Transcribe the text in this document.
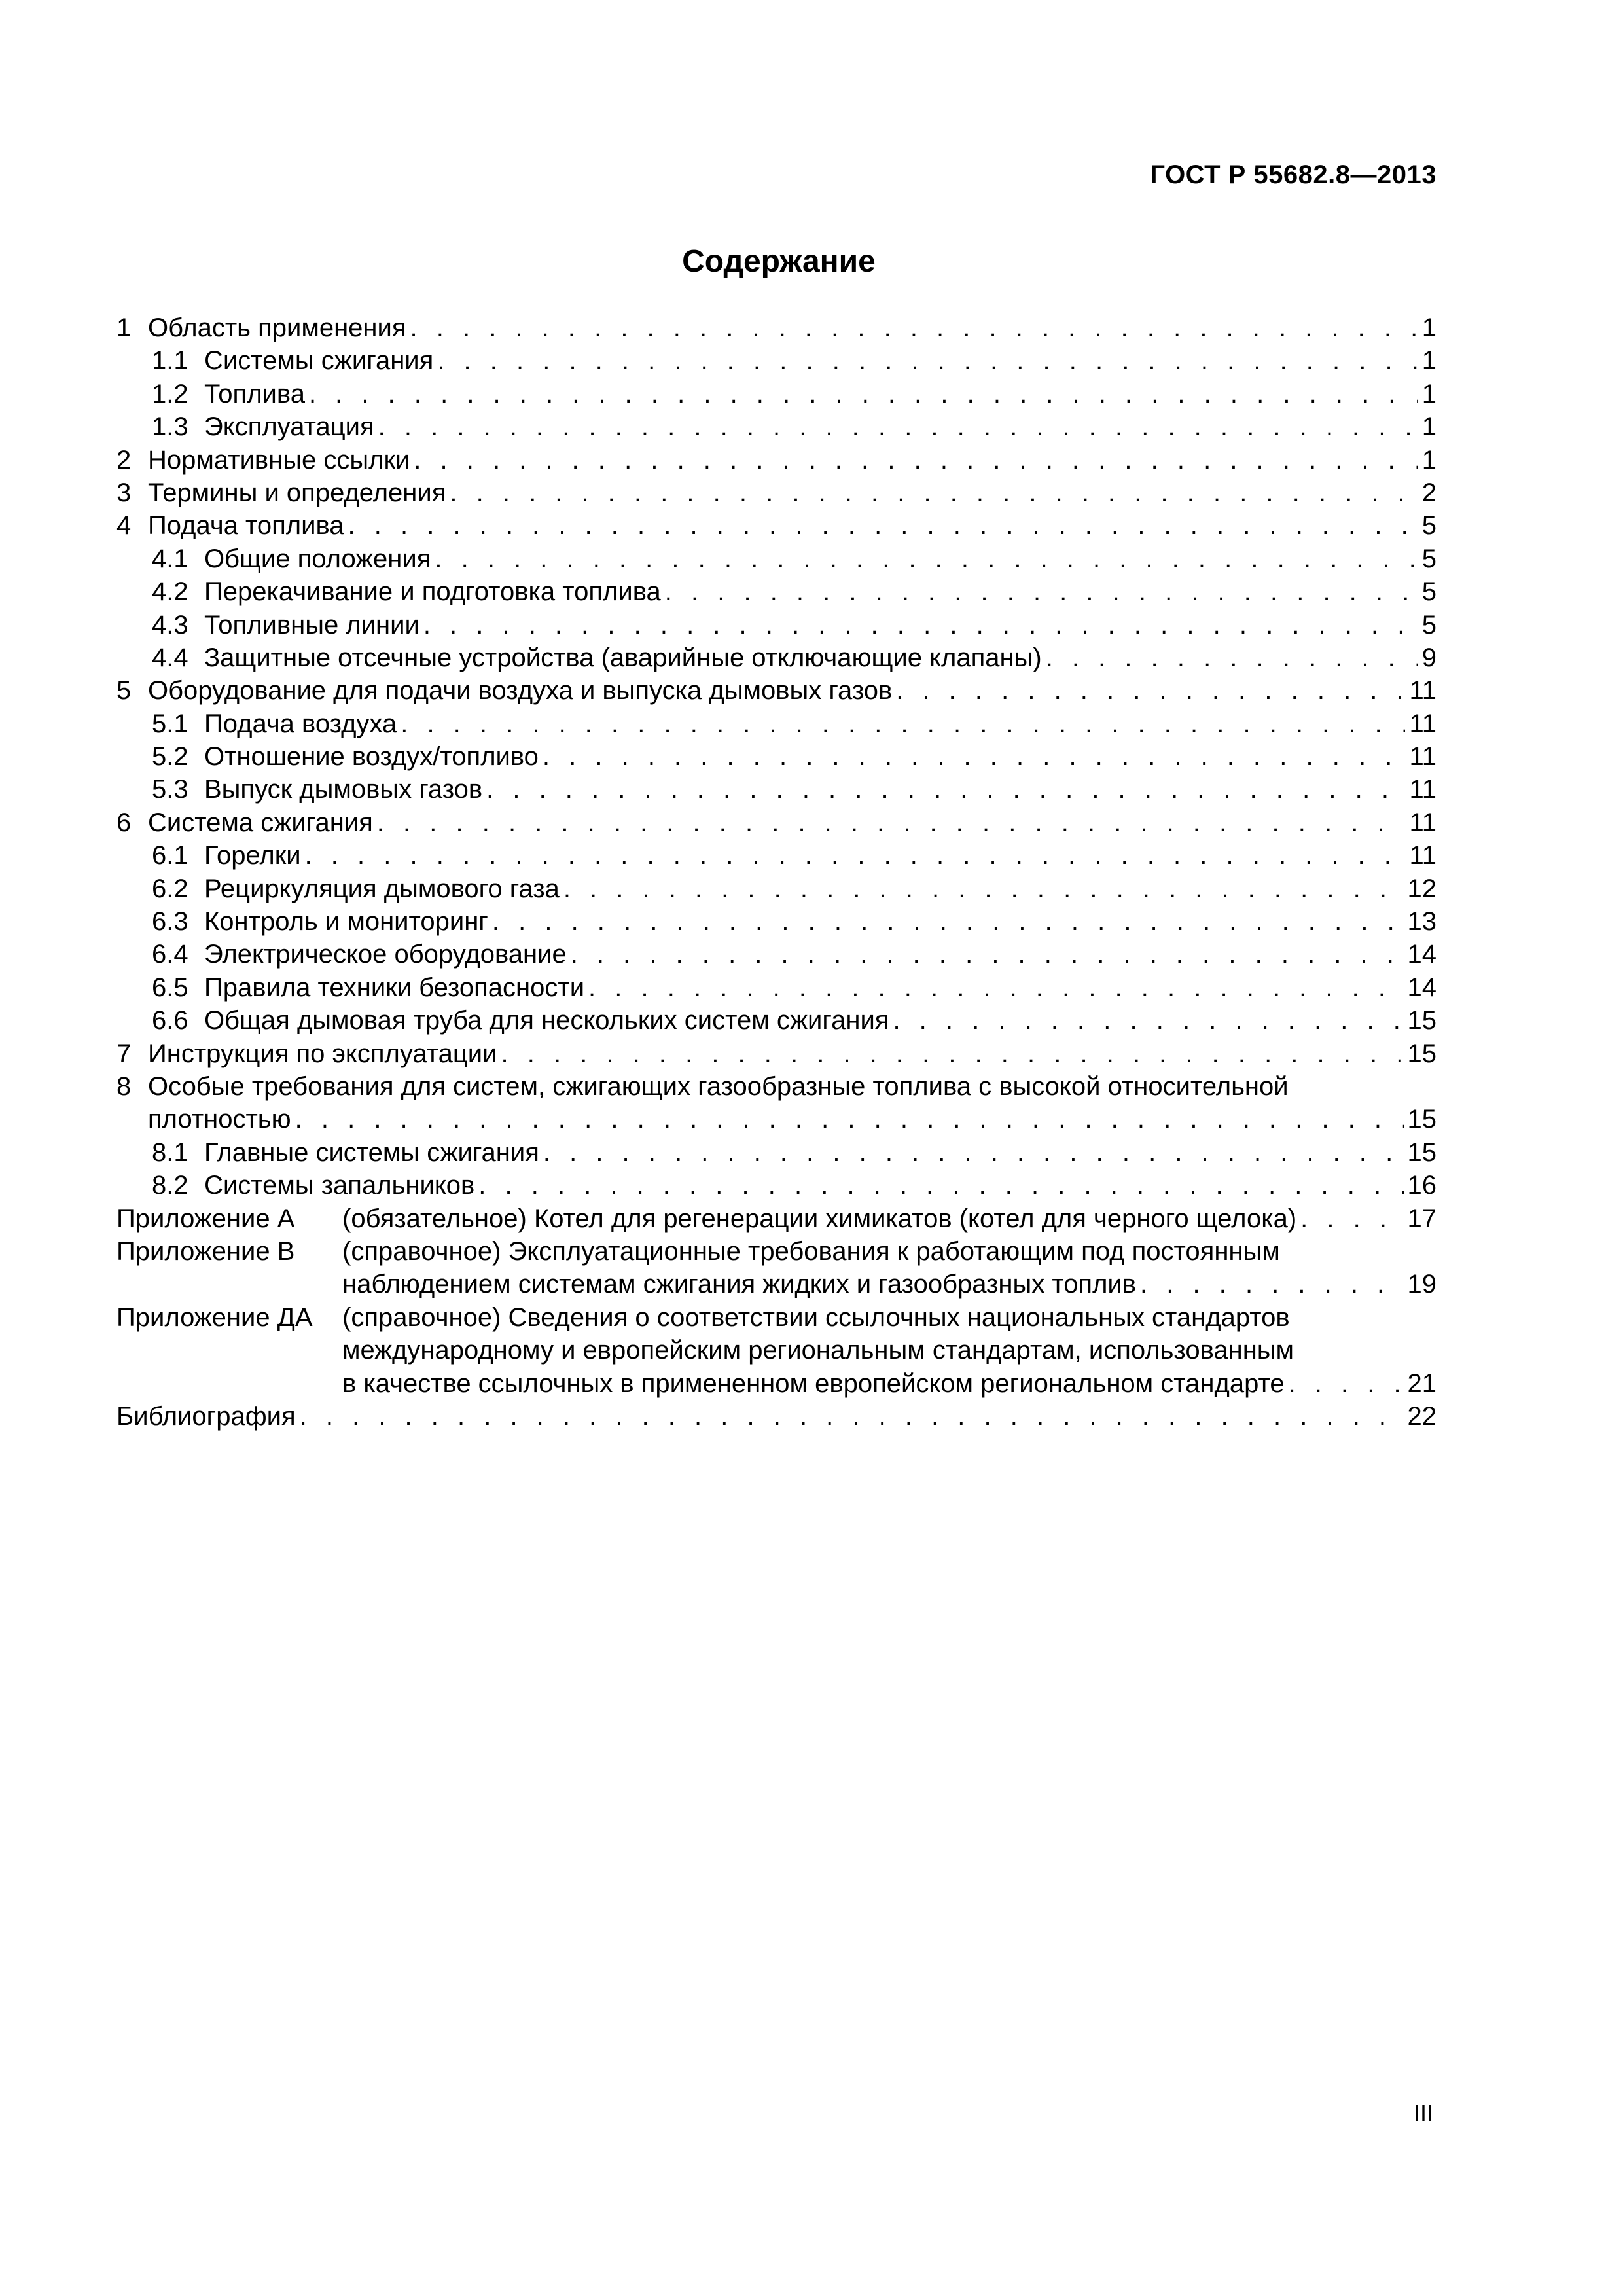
ГОСТ Р 55682.8—2013
Содержание
1 Область применения . . .	1
1.1 Системы сжигания . . .	1
1.2 Топлива . . .	1
1.3 Эксплуатация . . .	1
2 Нормативные ссылки . . .	1
3 Термины и определения . . .	2
4 Подача топлива . . .	5
4.1 Общие положения . . .	5
4.2 Перекачивание и подготовка топлива . . .	5
4.3 Топливные линии . . .	5
4.4 Защитные отсечные устройства (аварийные отключающие клапаны) . . .	9
5 Оборудование для подачи воздуха и выпуска дымовых газов . . .	11
5.1 Подача воздуха . . .	11
5.2 Отношение воздух/топливо . . .	11
5.3 Выпуск дымовых газов . . .	11
6 Система сжигания . . .	11
6.1 Горелки . . .	11
6.2 Рециркуляция дымового газа . . .	12
6.3 Контроль и мониторинг . . .	13
6.4 Электрическое оборудование . . .	14
6.5 Правила техники безопасности . . .	14
6.6 Общая дымовая труба для нескольких систем сжигания . . .	15
7 Инструкция по эксплуатации . . .	15
8 Особые требования для систем, сжигающих газообразные топлива с высокой относительной
плотностью . . .	15
8.1 Главные системы сжигания . . .	15
8.2 Системы запальников . . .	16
Приложение А	(обязательное) Котел для регенерации химикатов (котел для черного щелока) . . .	17
Приложение В	(справочное) Эксплуатационные требования к работающим под постоянным
наблюдением системам сжигания жидких и газообразных топлив . . .	19
Приложение ДА	(справочное) Сведения о соответствии ссылочных национальных стандартов
международному и европейским региональным стандартам, использованным
в качестве ссылочных в примененном европейском региональном стандарте . . .	21
Библиография . . .	22
III
